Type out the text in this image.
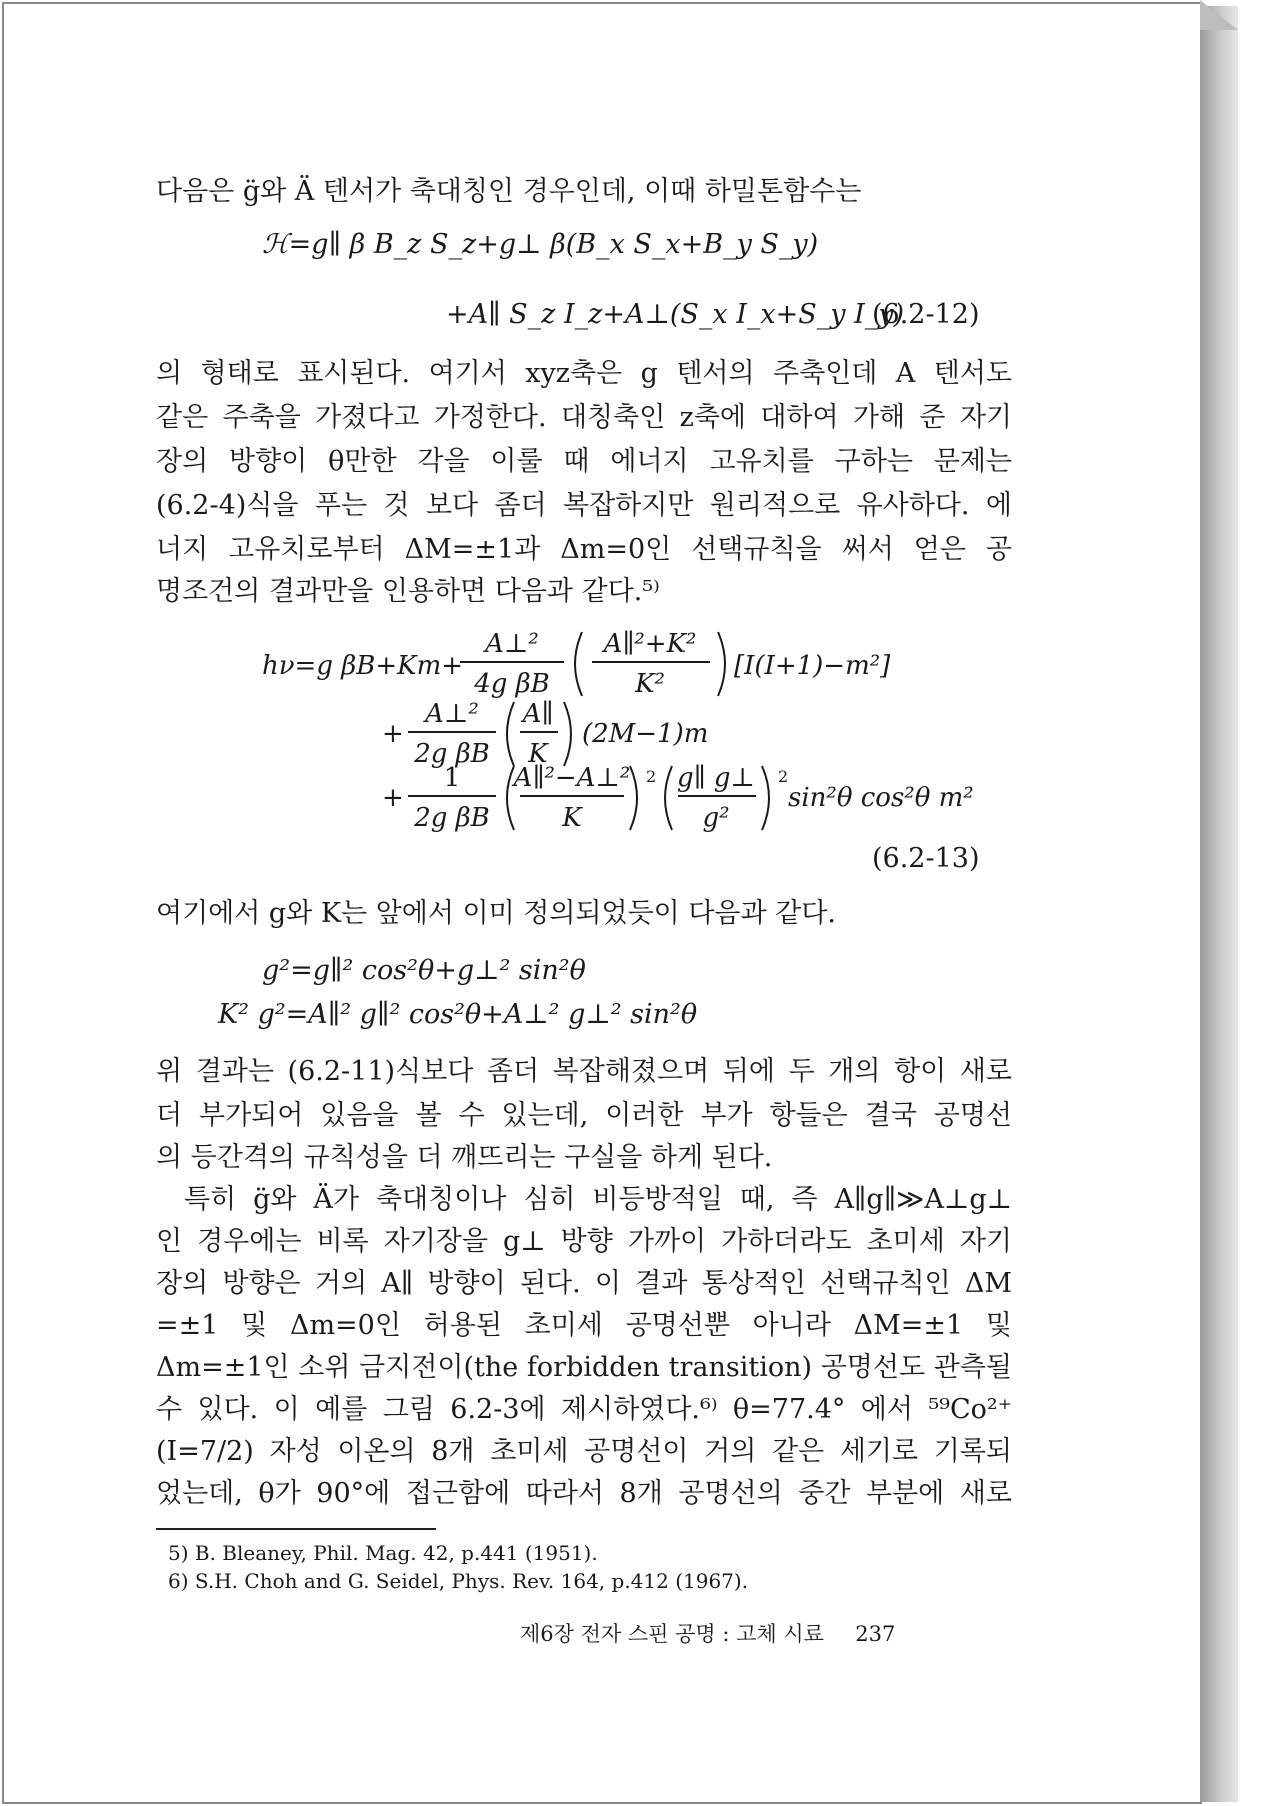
다음은 g͏̈와 Ä 텐서가 축대칭인 경우인데, 이때 하밀톤함수는
ℋ=g∥ β B_z S_z+g⊥ β(B_x S_x+B_y S_y)
+A∥ S_z I_z+A⊥(S_x I_x+S_y I_y)
(6.2-12)
의 형태로 표시된다. 여기서 xyz축은 g 텐서의 주축인데 A 텐서도
같은 주축을 가졌다고 가정한다. 대칭축인 z축에 대하여 가해 준 자기
장의 방향이 θ만한 각을 이룰 때 에너지 고유치를 구하는 문제는
(6.2-4)식을 푸는 것 보다 좀더 복잡하지만 원리적으로 유사하다. 에
너지 고유치로부터 ΔM=±1과 Δm=0인 선택규칙을 써서 얻은 공
명조건의 결과만을 인용하면 다음과 같다.⁵⁾
hν=g βB+Km+
A⊥²
4g βB
A∥²+K²
K²
[I(I+1)−m²]
+
A⊥²
2g βB
A∥
K
(2M−1)m
+
1
2g βB
A∥²−A⊥²
K
2 g∥ g⊥
g²
2
sin²θ cos²θ m²
(6.2-13)
여기에서 g와 K는 앞에서 이미 정의되었듯이 다음과 같다.
g²=g∥² cos²θ+g⊥² sin²θ
K² g²=A∥² g∥² cos²θ+A⊥² g⊥² sin²θ
위 결과는 (6.2-11)식보다 좀더 복잡해졌으며 뒤에 두 개의 항이 새로
더 부가되어 있음을 볼 수 있는데, 이러한 부가 항들은 결국 공명선
의 등간격의 규칙성을 더 깨뜨리는 구실을 하게 된다.
특히 g͏̈와 Ä가 축대칭이나 심히 비등방적일 때, 즉 A∥g∥≫A⊥g⊥
인 경우에는 비록 자기장을 g⊥ 방향 가까이 가하더라도 초미세 자기
장의 방향은 거의 A∥ 방향이 된다. 이 결과 통상적인 선택규칙인 ΔM
=±1 및 Δm=0인 허용된 초미세 공명선뿐 아니라 ΔM=±1 및
Δm=±1인 소위 금지전이(the forbidden transition) 공명선도 관측될
수 있다. 이 예를 그림 6.2-3에 제시하였다.⁶⁾ θ=77.4° 에서 ⁵⁹Co²⁺
(I=7/2) 자성 이온의 8개 초미세 공명선이 거의 같은 세기로 기록되
었는데, θ가 90°에 접근함에 따라서 8개 공명선의 중간 부분에 새로
5) B. Bleaney, Phil. Mag. 42, p.441 (1951).
6) S.H. Choh and G. Seidel, Phys. Rev. 164, p.412 (1967).
제6장 전자 스핀 공명 : 고체 시료 237
